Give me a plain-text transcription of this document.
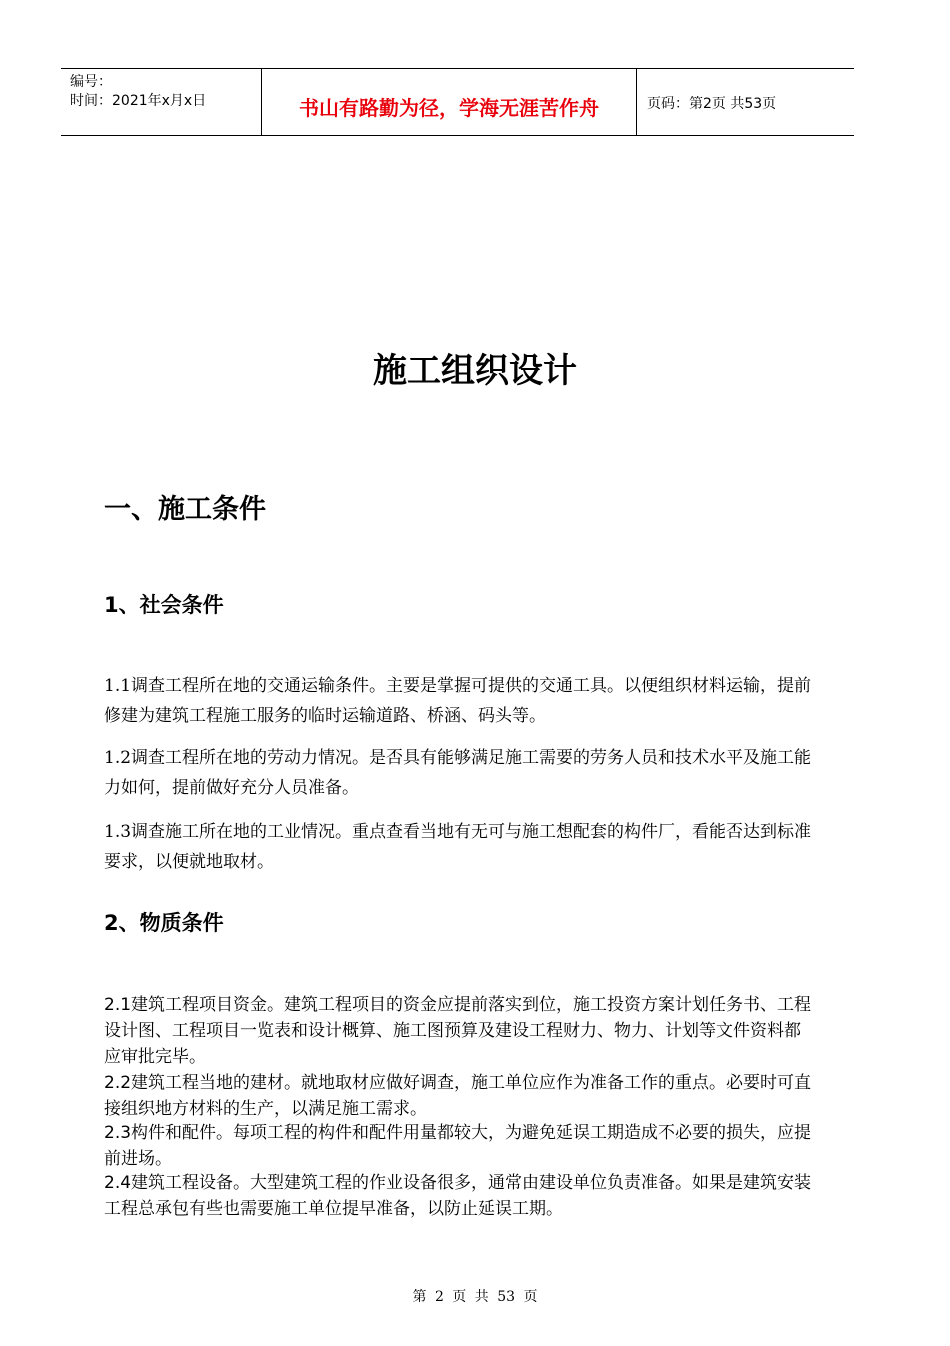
编号：
时间：2021年x月x日	书山有路勤为径，学海无涯苦作舟	页码：第2页 共53页
施工组织设计
一、施工条件
1、社会条件

1.1调查工程所在地的交通运输条件。主要是掌握可提供的交通工具。以便组织材料运输，提前修建为建筑工程施工服务的临时运输道路、桥涵、码头等。

1.2调查工程所在地的劳动力情况。是否具有能够满足施工需要的劳务人员和技术水平及施工能力如何，提前做好充分人员准备。

1.3调查施工所在地的工业情况。重点查看当地有无可与施工想配套的构件厂，看能否达到标准要求，以便就地取材。

2、物质条件

2.1建筑工程项目资金。建筑工程项目的资金应提前落实到位，施工投资方案计划任务书、工程设计图、工程项目一览表和设计概算、施工图预算及建设工程财力、物力、计划等文件资料都应审批完毕。

2.2建筑工程当地的建材。就地取材应做好调查，施工单位应作为准备工作的重点。必要时可直接组织地方材料的生产，以满足施工需求。

2.3构件和配件。每项工程的构件和配件用量都较大，为避免延误工期造成不必要的损失，应提前进场。

2.4建筑工程设备。大型建筑工程的作业设备很多，通常由建设单位负责准备。如果是建筑安装工程总承包有些也需要施工单位提早准备，以防止延误工期。

第 2 页 共 53 页
